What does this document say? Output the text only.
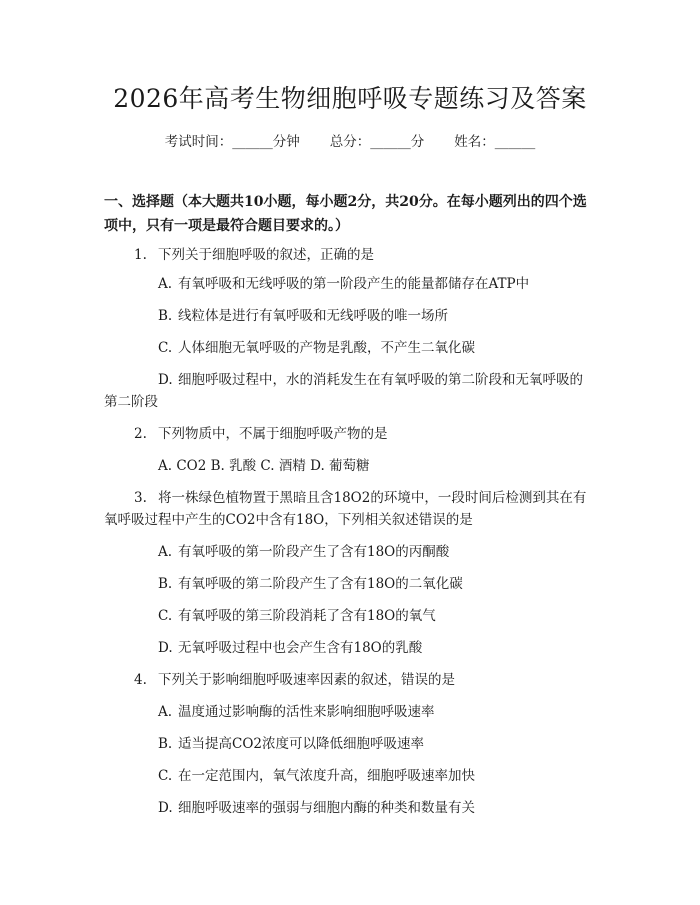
2026年高考生物细胞呼吸专题练习及答案
考试时间：______分钟 总分：______分 姓名：______
一、选择题（本大题共10小题，每小题2分，共20分。在每小题列出的四个选
项中，只有一项是最符合题目要求的。）
1. 下列关于细胞呼吸的叙述，正确的是
A. 有氧呼吸和无线呼吸的第一阶段产生的能量都储存在ATP中
B. 线粒体是进行有氧呼吸和无线呼吸的唯一场所
C. 人体细胞无氧呼吸的产物是乳酸，不产生二氧化碳
D. 细胞呼吸过程中，水的消耗发生在有氧呼吸的第二阶段和无氧呼吸的
第二阶段
2. 下列物质中，不属于细胞呼吸产物的是
A. CO2 B. 乳酸 C. 酒精 D. 葡萄糖
3. 将一株绿色植物置于黑暗且含18O2的环境中，一段时间后检测到其在有
氧呼吸过程中产生的CO2中含有18O，下列相关叙述错误的是
A. 有氧呼吸的第一阶段产生了含有18O的丙酮酸
B. 有氧呼吸的第二阶段产生了含有18O的二氧化碳
C. 有氧呼吸的第三阶段消耗了含有18O的氧气
D. 无氧呼吸过程中也会产生含有18O的乳酸
4. 下列关于影响细胞呼吸速率因素的叙述，错误的是
A. 温度通过影响酶的活性来影响细胞呼吸速率
B. 适当提高CO2浓度可以降低细胞呼吸速率
C. 在一定范围内，氧气浓度升高，细胞呼吸速率加快
D. 细胞呼吸速率的强弱与细胞内酶的种类和数量有关
